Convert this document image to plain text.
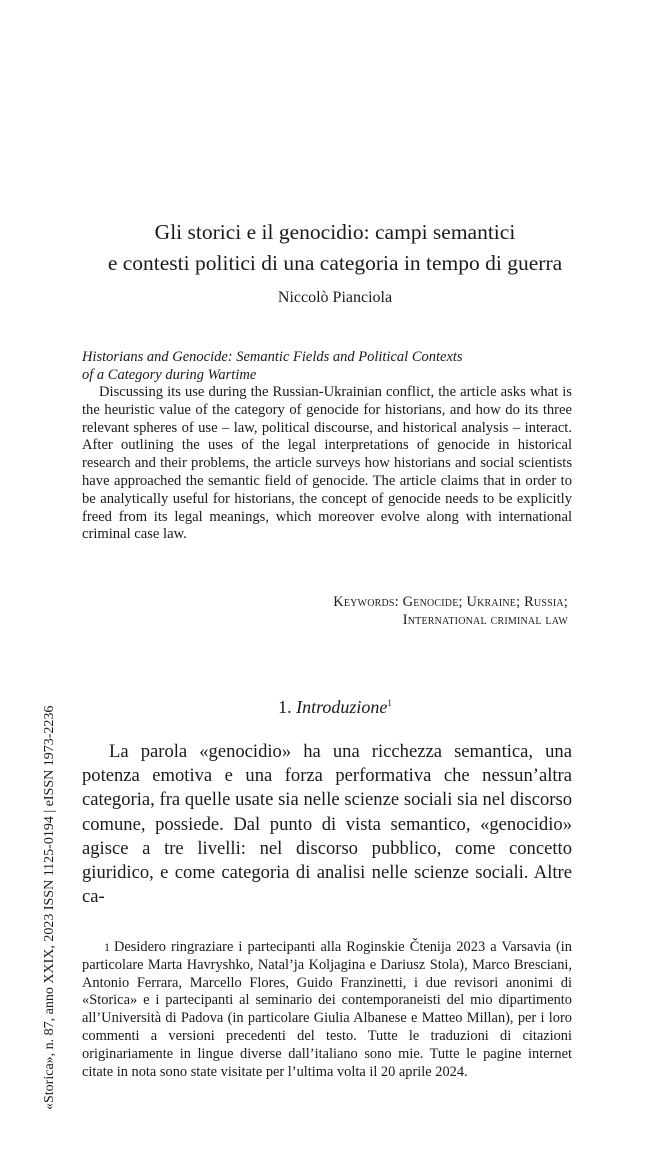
Gli storici e il genocidio: campi semantici
e contesti politici di una categoria in tempo di guerra

Niccolò Pianciola

Historians and Genocide: Semantic Fields and Political Contexts
of a Category during Wartime

Discussing its use during the Russian-Ukrainian conflict, the article asks what is the heuristic value of the category of genocide for historians, and how do its three relevant spheres of use – law, political discourse, and historical analysis – interact. After outlining the uses of the legal interpretations of genocide in historical research and their problems, the article surveys how historians and social scientists have approached the semantic field of genocide. The article claims that in order to be analytically useful for historians, the concept of genocide needs to be explicitly freed from its legal meanings, which moreover evolve along with international criminal case law.

Keywords: Genocide; Ukraine; Russia;
International criminal law

1. Introduzione$^1$

La parola «genocidio» ha una ricchezza semantica, una potenza emotiva e una forza performativa che nessun’altra categoria, fra quelle usate sia nelle scienze sociali sia nel discorso comune, possiede. Dal punto di vista semantico, «genocidio» agisce a tre livelli: nel discorso pubblico, come concetto giuridico, e come categoria di analisi nelle scienze sociali. Altre ca-

1 Desidero ringraziare i partecipanti alla Roginskie Čtenija 2023 a Varsavia (in particolare Marta Havryshko, Natal’ja Koljagina e Dariusz Stola), Marco Bresciani, Antonio Ferrara, Marcello Flores, Guido Franzinetti, i due revisori anonimi di «Storica» e i partecipanti al seminario dei contemporaneisti del mio dipartimento all’Università di Padova (in particolare Giulia Albanese e Matteo Millan), per i loro commenti a versioni precedenti del testo. Tutte le traduzioni di citazioni originariamente in lingue diverse dall’italiano sono mie. Tutte le pagine internet citate in nota sono state visitate per l’ultima volta il 20 aprile 2024.

«Storica», n. 87, anno XXIX, 2023 ISSN 1125-0194 | eISSN 1973-2236
